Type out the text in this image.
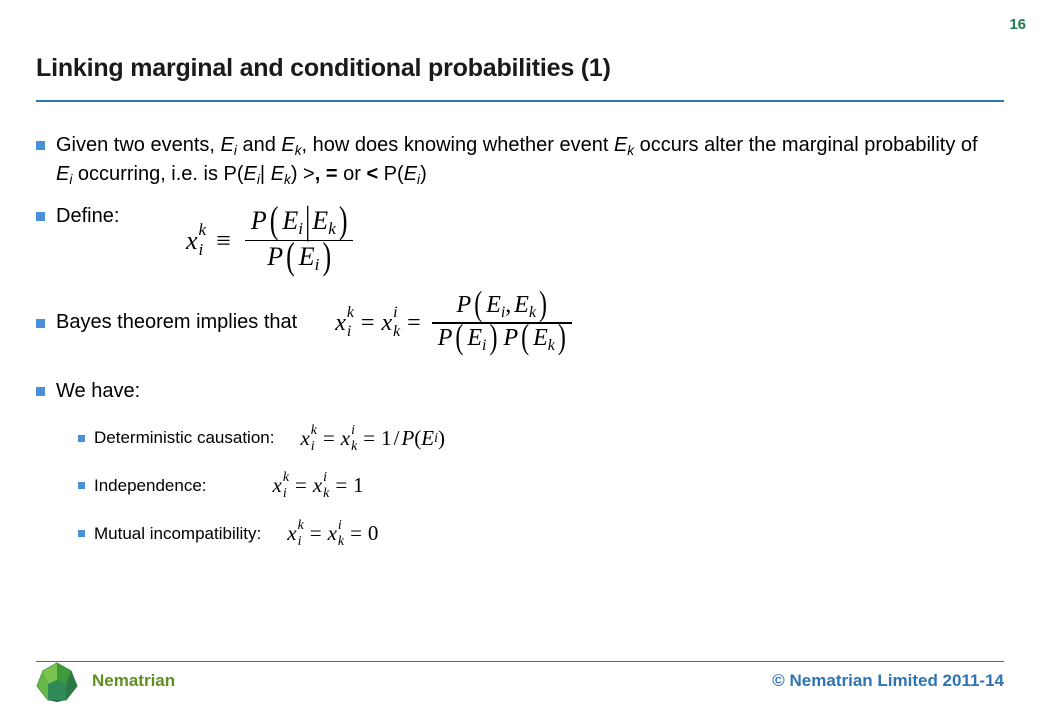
16
Linking marginal and conditional probabilities (1)
Given two events, $E_i$ and $E_k$, how does knowing whether event $E_k$ occurs alter the marginal probability of $E_i$ occurring, i.e. is $P(E_i|$ $E_k$) >, = or < $P(E_i)$
Define:
x k
$i \equiv \frac{P ( Ei|Ek )}{P ( Ei )}$
Bayes theorem implies that x k
i = x i
$k = \frac{P ( Ei, Ek )}{P ( Ei ) P ( Ek )}$
We have:
Deterministic causation: x k
i = x i
k = 1 / P ( E i )
Independence:	x k
i = x i
k = 1
Mutual incompatibility: x k
i = x i
k = 0
Nematrian	© Nematrian Limited 2011-14
